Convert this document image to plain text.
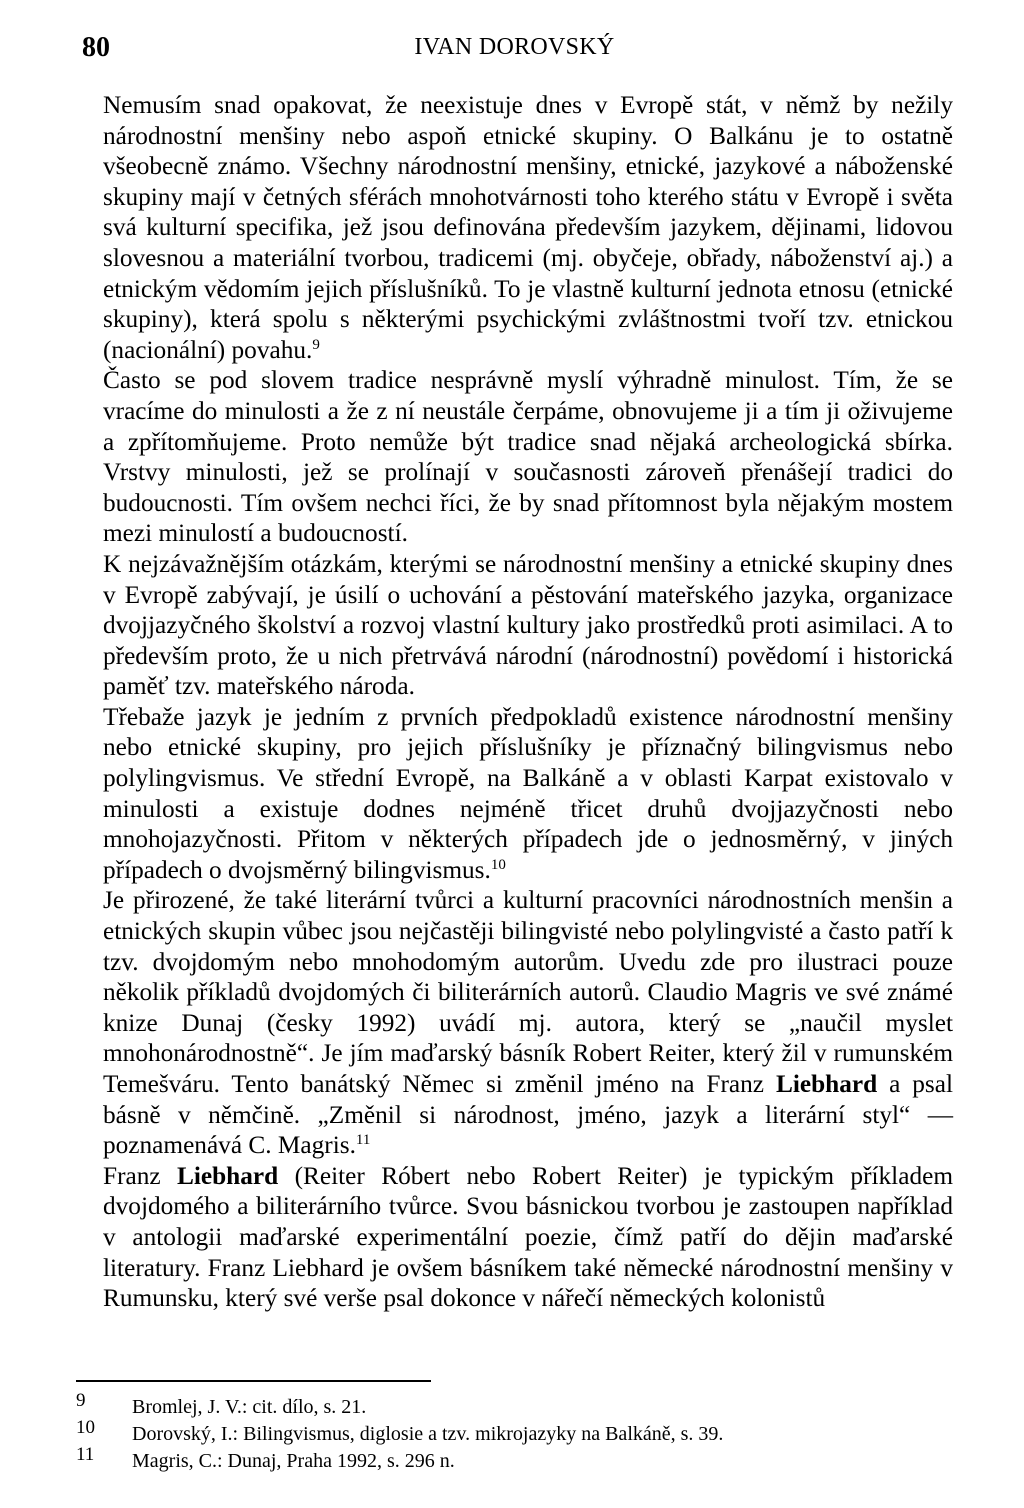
80	IVAN DOROVSKÝ

Nemusím snad opakovat, že neexistuje dnes v Evropě stát, v němž by nežily národnostní menšiny nebo aspoň etnické skupiny. O Balkánu je to ostatně všeobecně známo. Všechny národnostní menšiny, etnické, jazykové a náboženské skupiny mají v četných sférách mnohotvárnosti toho kterého státu v Evropě i světa svá kulturní specifika, jež jsou definována především jazykem, dějinami, lidovou slovesnou a materiální tvorbou, tradicemi (mj. obyčeje, obřady, náboženství aj.) a etnickým vědomím jejich příslušníků. To je vlastně kulturní jednota etnosu (etnické skupiny), která spolu s některými psychickými zvláštnostmi tvoří tzv. etnickou (nacionální) povahu.$^9$

Často se pod slovem tradice nesprávně myslí výhradně minulost. Tím, že se vracíme do minulosti a že z ní neustále čerpáme, obnovujeme ji a tím ji oživujeme a zpřítomňujeme. Proto nemůže být tradice snad nějaká archeologická sbírka. Vrstvy minulosti, jež se prolínají v současnosti zároveň přenášejí tradici do budoucnosti. Tím ovšem nechci říci, že by snad přítomnost byla nějakým mostem mezi minulostí a budoucností.

K nejzávažnějším otázkám, kterými se národnostní menšiny a etnické skupiny dnes v Evropě zabývají, je úsilí o uchování a pěstování mateřského jazyka, organizace dvojjazyčného školství a rozvoj vlastní kultury jako prostředků proti asimilaci. A to především proto, že u nich přetrvává národní (národnostní) povědomí i historická paměť tzv. mateřského národa.

Třebaže jazyk je jedním z prvních předpokladů existence národnostní menšiny nebo etnické skupiny, pro jejich příslušníky je příznačný bilingvismus nebo polylingvismus. Ve střední Evropě, na Balkáně a v oblasti Karpat existovalo v minulosti a existuje dodnes nejméně třicet druhů dvojjazyčnosti nebo mnohojazyčnosti. Přitom v některých případech jde o jednosměrný, v jiných případech o dvojsměrný bilingvismus.$^{10}$

Je přirozené, že také literární tvůrci a kulturní pracovníci národnostních menšin a etnických skupin vůbec jsou nejčastěji bilingvisté nebo polylingvisté a často patří k tzv. dvojdomým nebo mnohodomým autorům. Uvedu zde pro ilustraci pouze několik příkladů dvojdomých či biliterárních autorů. Claudio Magris ve své známé knize Dunaj (česky 1992) uvádí mj. autora, který se „naučil myslet mnohonárodnostně“. Je jím maďarský básník Robert Reiter, který žil v rumunském Temešváru. Tento banátský Němec si změnil jméno na Franz Liebhard a psal básně v němčině. „Změnil si národnost, jméno, jazyk a literární styl“ — poznamenává C. Magris.$^{11}$

Franz Liebhard (Reiter Róbert nebo Robert Reiter) je typickým příkladem dvojdomého a biliterárního tvůrce. Svou básnickou tvorbou je zastoupen například v antologii maďarské experimentální poezie, čímž patří do dějin maďarské literatury. Franz Liebhard je ovšem básníkem také německé národnostní menšiny v Rumunsku, který své verše psal dokonce v nářečí německých kolonistů

9 Bromlej, J. V.: cit. dílo, s. 21.
10 Dorovský, I.: Bilingvismus, diglosie a tzv. mikrojazyky na Balkáně, s. 39.
11 Magris, C.: Dunaj, Praha 1992, s. 296 n.
